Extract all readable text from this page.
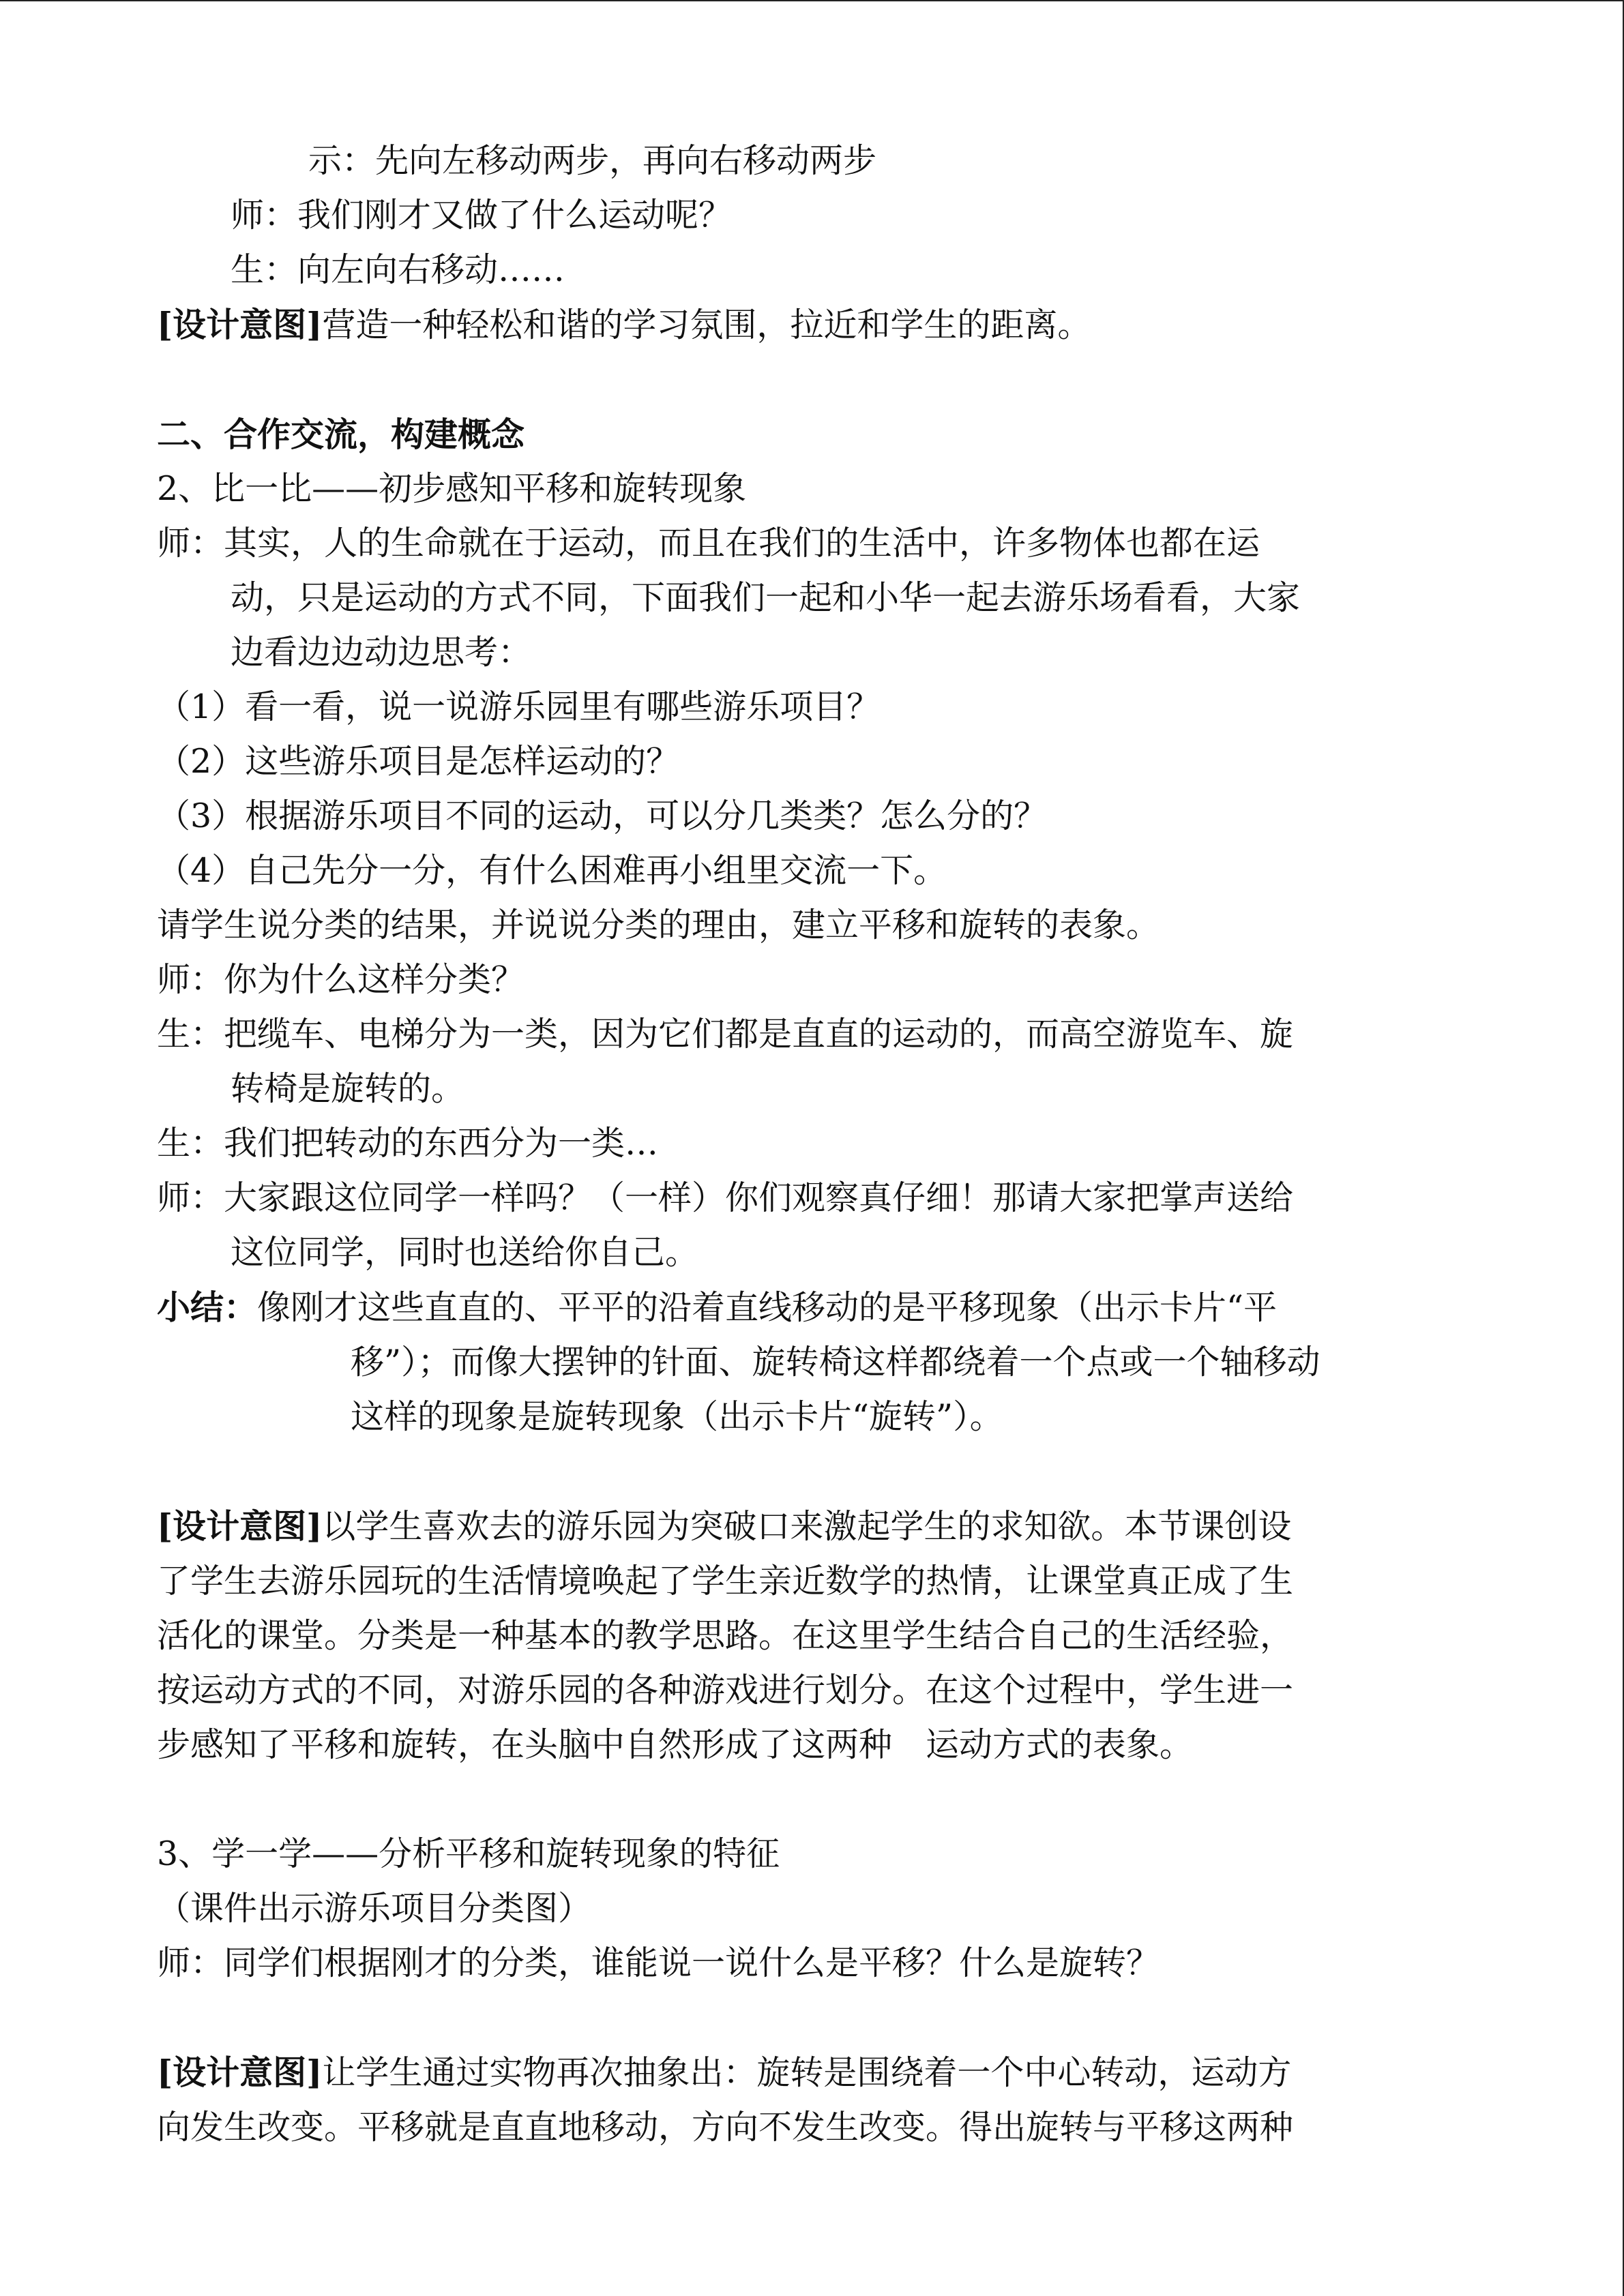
示：先向左移动两步，再向右移动两步
师：我们刚才又做了什么运动呢？
生：向左向右移动……
[设计意图]营造一种轻松和谐的学习氛围，拉近和学生的距离。
二、合作交流，构建概念
2、比一比——初步感知平移和旋转现象
师：其实，人的生命就在于运动，而且在我们的生活中，许多物体也都在运
动，只是运动的方式不同，下面我们一起和小华一起去游乐场看看，大家
边看边边动边思考：
（1）看一看，说一说游乐园里有哪些游乐项目？
（2）这些游乐项目是怎样运动的？
（3）根据游乐项目不同的运动，可以分几类类？怎么分的？
（4）自己先分一分，有什么困难再小组里交流一下。
请学生说分类的结果，并说说分类的理由，建立平移和旋转的表象。
师：你为什么这样分类？
生：把缆车、电梯分为一类，因为它们都是直直的运动的，而高空游览车、旋
转椅是旋转的。
生：我们把转动的东西分为一类…
师：大家跟这位同学一样吗？（一样）你们观察真仔细！那请大家把掌声送给
这位同学，同时也送给你自己。
小结：像刚才这些直直的、平平的沿着直线移动的是平移现象（出示卡片“平
移”）；而像大摆钟的针面、旋转椅这样都绕着一个点或一个轴移动
这样的现象是旋转现象（出示卡片“旋转”）。
[设计意图]以学生喜欢去的游乐园为突破口来激起学生的求知欲。本节课创设
了学生去游乐园玩的生活情境唤起了学生亲近数学的热情，让课堂真正成了生
活化的课堂。分类是一种基本的教学思路。在这里学生结合自己的生活经验，
按运动方式的不同，对游乐园的各种游戏进行划分。在这个过程中，学生进一
步感知了平移和旋转，在头脑中自然形成了这两种　运动方式的表象。
3、学一学——分析平移和旋转现象的特征
（课件出示游乐项目分类图）
师：同学们根据刚才的分类，谁能说一说什么是平移？什么是旋转？
[设计意图]让学生通过实物再次抽象出：旋转是围绕着一个中心转动，运动方
向发生改变。平移就是直直地移动，方向不发生改变。得出旋转与平移这两种
